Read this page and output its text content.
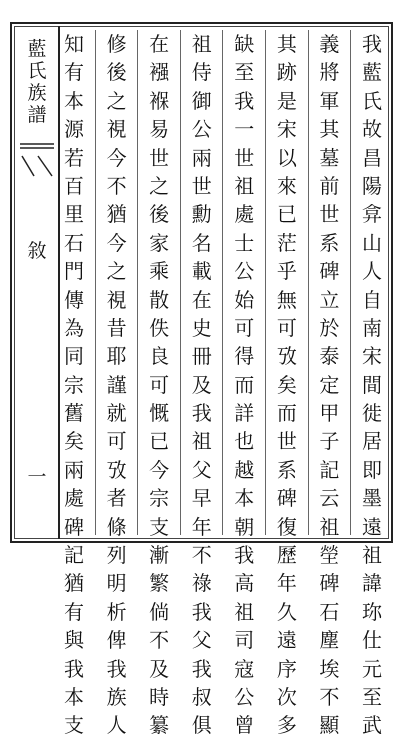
藍
氏
族
譜
敘
一
我
藍
氏
故
昌
陽
弇
山
人
自
南
宋
間
徙
居
即
墨
遠
祖
諱
珎
仕
元
至
武
義
將
軍
其
墓
前
世
系
碑
立
於
泰
定
甲
子
記
云
祖
塋
碑
石
塵
埃
不
顯
其
跡
是
宋
以
來
已
茫
乎
無
可
攷
矣
而
世
系
碑
復
歷
年
久
遠
序
次
多
缺
至
我
一
世
祖
處
士
公
始
可
得
而
詳
也
越
本
朝
我
高
祖
司
寇
公
曾
祖
侍
御
公
兩
世
勳
名
載
在
史
冊
及
我
祖
父
早
年
不
祿
我
父
我
叔
俱
在
襁
褓
易
世
之
後
家
乘
散
佚
良
可
慨
已
今
宗
支
漸
繁
倘
不
及
時
纂
修
後
之
視
今
不
猶
今
之
視
昔
耶
謹
就
可
攷
者
條
列
明
析
俾
我
族
人
知
有
本
源
若
百
里
石
門
傳
為
同
宗
舊
矣
兩
處
碑
記
猶
有
與
我
本
支
